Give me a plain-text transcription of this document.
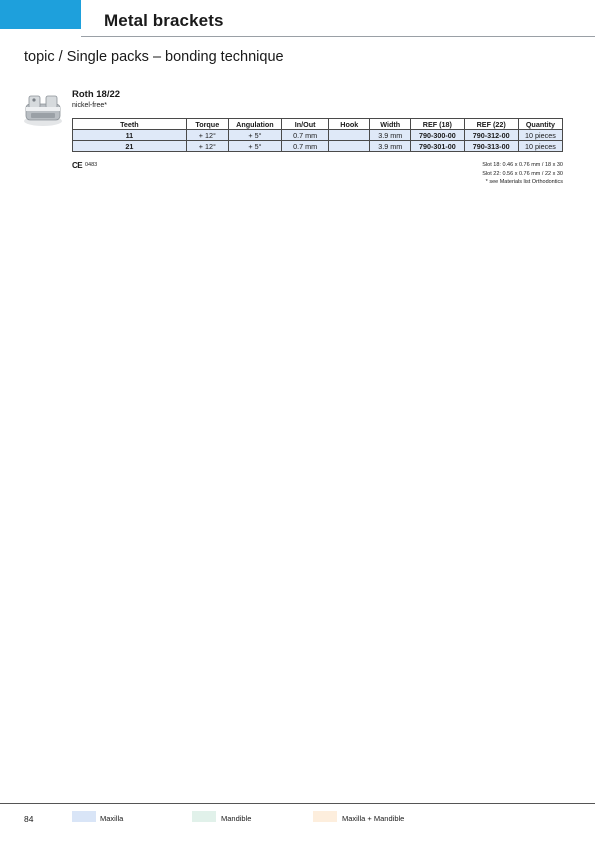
Metal brackets
topic / Single packs – bonding technique
Roth 18/22
nickel-free*
Teeth	Torque	Angulation	In/Out	Hook	Width	REF (18)	REF (22)	Quantity
11	+ 12°	+ 5°	0.7 mm		3.9 mm	790-300-00	790-312-00	10 pieces
21	+ 12°	+ 5°	0.7 mm		3.9 mm	790-301-00	790-313-00	10 pieces
CE 0483	Slot 18: 0.46 x 0.76 mm / 18 x 30
Slot 22: 0.56 x 0.76 mm / 22 x 30
* see Materials list Orthodontics
84	Maxilla	Mandible	Maxilla + Mandible
